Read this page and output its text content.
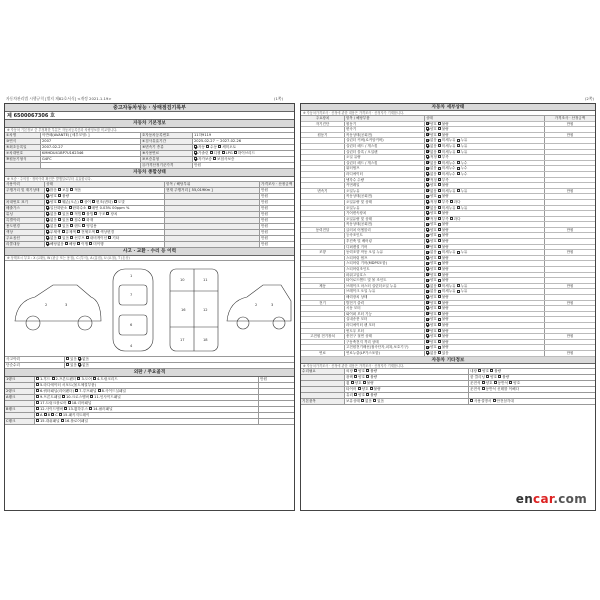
자동차관리법 시행규칙 [별지 제82호서식] <개정 2021.1.19>	(1쪽)	(2쪽)
중고자동차성능 · 상태점검기록부
제 6500067306 호
자동차 기본정보
※ 자동차 기본정보 중 부정확한 부분은 자동차등록증과 차량정보를 비교합니다.
①차명	아반떼(AVANTE) [세부모델: ]	②자동차등록번호	11하9119
③연식	2007	④검사유효기간	2025-02-27 ~ 2027-02-26
⑤최초등록일	2007-02-27	⑥변속기 종류	자동 수동 세미오토
⑦차대번호	KMHDU41BP7U162346	⑧사용연료	가솔린 디젤 LPG 하이브리드
⑨원동기형식	G4FC	⑩보증유형	자가보증 보험사보증
⑪가격산정기준가격	만원
자동차 종합상태
※ 보증 · 주의점 · 정비이력 확인은 발행일로부터 유효합니다.
사용이력	상태	항목 / 해당부위	가격조사 · 산정금액
주행거리 및 계기상태	많음 보통 적음	현재 주행거리 [ 55,019Km ]	만원
양호 불량	만원
차대번호 표기	양호 훼손(오손) 상이 변조(변타) 도말	만원
배출가스	일산화탄소 탄화수소 매연 0.03% 00ppm %	만원
튜닝	없음 있음 적법 불법 구조 장치	만원
특별이력	없음 있음 침수 화재	만원
용도변경	없음 있음 렌트 영업용	만원
색상	무채색 유채색 전체도색 색상변경	만원
주요옵션	없음 있음 선루프 내비게이션 기타	만원
리콜대상	해당없음 해당 이행 미이행	만원
사고 · 교환 · 수리 등 이력
※ 상태표시 부호 : X (교환), W (판금 또는 용접), C (부식), A (흠집), U (요철), T (손상)
1
7
6
4
10	11
16	12
17	18
2	3	2	3
사고이력	있음 없음
단순수리	있음 없음
외판 / 주요골격
1랭크	1.후드 2.프론트펜더 3.도어 4.트렁크리드	만원
5.라디에이터 서포트(볼트체결부품)
2랭크	6.쿼터패널(리어펜더) 7.루프패널 8.사이드실패널
A랭크	9.프론트패널 10.크로스멤버 11.인사이드패널
17.트렁크플로어 18.리어패널
B랭크	12.사이드멤버 13.휠하우스 14.필러패널
A B C 15.패키지트레이
C랭크	15.대쉬패널 16.플로어패널
자동차 세부상태
※ 자동차가격조사 · 산정에 관한 내용은 가격조사 · 산정자가 기재합니다.
주요장치	항목 / 해당부품	상태	가격조사 · 산정금액
자기진단	원동기	양호 불량	만원
변속기	양호 불량
원동기	작동상태(공회전)	양호 불량	만원
실린더 커버(로커암커버)	없음 미세누유 누유
실린더 헤드 / 개스킷	없음 미세누유 누유
실린더 블록 / 오일팬	없음 미세누유 누유
오일 유량	적정 부족
실린더 헤드 / 개스킷	없음 미세누수 누수
워터펌프	없음 미세누수 누수
라디에이터	없음 미세누수 누수
냉각수 수량	적정 부족
커먼레일	양호 불량
변속기	오일누유	없음 미세누유 누유	만원
작동상태(공회전)	양호 불량
오일유량 및 상태	적정 부족 과다
오일누유	없음 미세누유 누유
기어변속장치	양호 불량
오일유량 및 상태	적정 부족 과다
작동상태(공회전)	양호 불량
동력전달	클러치 어셈블리	양호 불량	만원
등속조인트	양호 불량
추진축 및 베어링	양호 불량
디퍼렌셜 기어	양호 불량
조향	동력조향 작동 오일 누유	없음 미세누유 누유	만원
스티어링 펌프	양호 불량
스티어링 기어(MDPS포함)	양호 불량
스티어링조인트	양호 불량
파워고압호스	양호 불량
타이로드엔드 및 볼 조인트	양호 불량
제동	브레이크 마스터 실린더오일 누유	없음 미세누유 누유	만원
브레이크 오일 누유	없음 미세누유 누유
배력장치 상태	양호 불량
전기	발전기 출력	양호 불량	만원
시동 모터	양호 불량
와이퍼 모터 기능	양호 불량
실내송풍 모터	양호 불량
라디에이터 팬 모터	양호 불량
윈도우 모터	양호 불량
고전원 전기장치	충전구 절연 상태	양호 불량	만원
구동축전지 격리 상태	양호 불량
고전원전기배선(접속단자,피복,보호기구)	양호 불량
연료	연료누출(LP가스포함)	없음 있음	만원
자동차 기타정보
※ 자동차가격조사 · 산정에 관한 내용은 가격조사 · 산정자가 기재합니다.
수리필요	외장 양호 불량	내장 양호 불량
광택 양호 불량	룸 클리닝 양호 불량
휠 양호 불량	운전석 양호 동반석 양호
타이어 양호 불량	운전석 동반석 신테를 이해다
유리 양호 불량
기본품목	보유상태 없음 있음	사용설명서 안전삼각대
encar.com
